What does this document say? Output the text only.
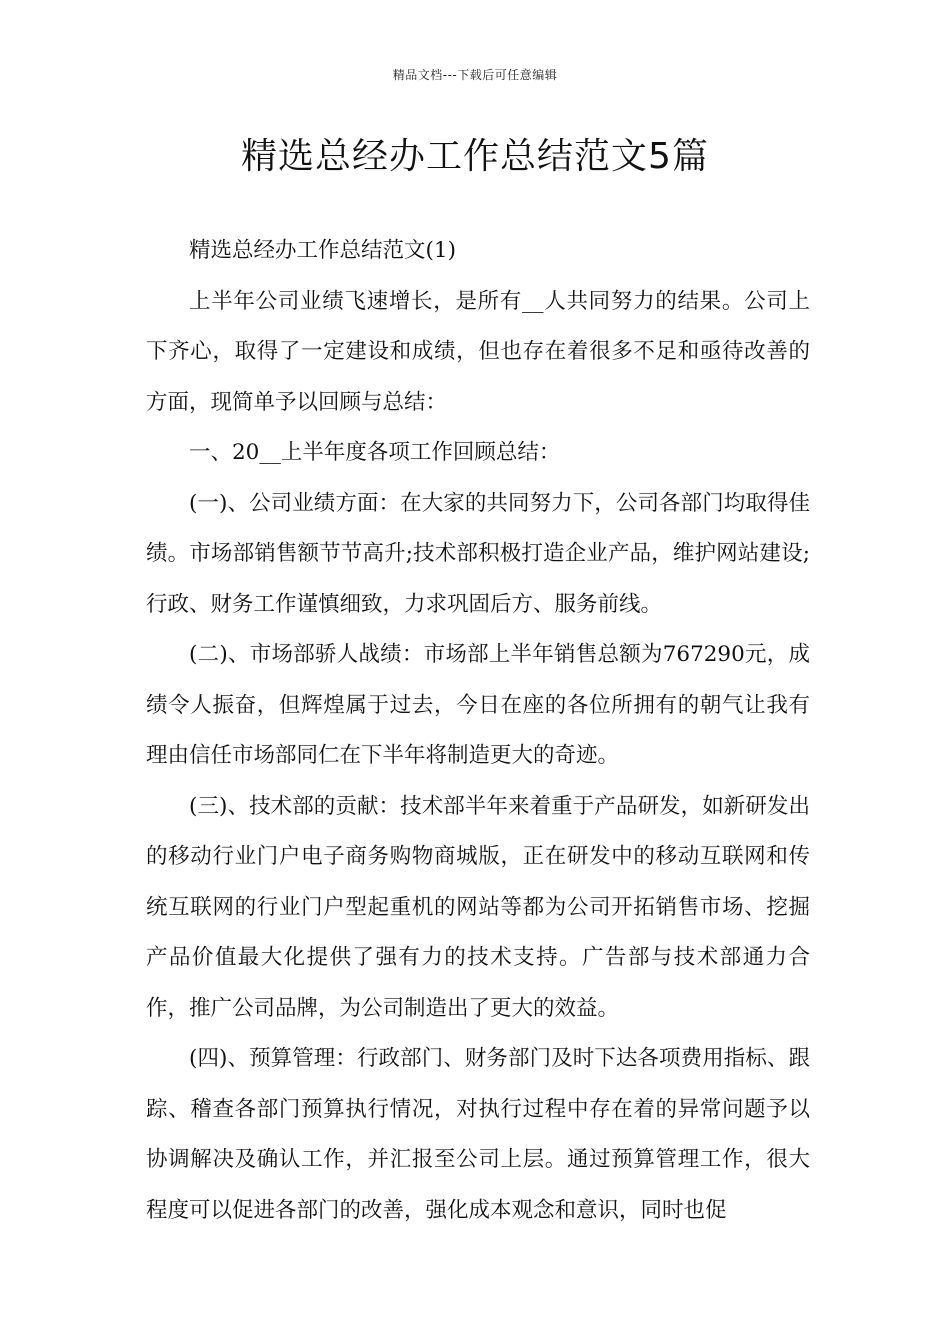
精品文档---下载后可任意编辑
精选总经办工作总结范文5篇

精选总经办工作总结范文(1)

上半年公司业绩飞速增长，是所有__人共同努力的结果。公司上下齐心，取得了一定建设和成绩，但也存在着很多不足和亟待改善的方面，现简单予以回顾与总结：

一、20__上半年度各项工作回顾总结：

(一)、公司业绩方面：在大家的共同努力下，公司各部门均取得佳绩。市场部销售额节节高升;技术部积极打造企业产品，维护网站建设;行政、财务工作谨慎细致，力求巩固后方、服务前线。

(二)、市场部骄人战绩：市场部上半年销售总额为767290元，成绩令人振奋，但辉煌属于过去，今日在座的各位所拥有的朝气让我有理由信任市场部同仁在下半年将制造更大的奇迹。

(三)、技术部的贡献：技术部半年来着重于产品研发，如新研发出的移动行业门户电子商务购物商城版，正在研发中的移动互联网和传统互联网的行业门户型起重机的网站等都为公司开拓销售市场、挖掘产品价值最大化提供了强有力的技术支持。广告部与技术部通力合作，推广公司品牌，为公司制造出了更大的效益。

(四)、预算管理：行政部门、财务部门及时下达各项费用指标、跟踪、稽查各部门预算执行情况，对执行过程中存在着的异常问题予以协调解决及确认工作，并汇报至公司上层。通过预算管理工作，很大程度可以促进各部门的改善，强化成本观念和意识，同时也促
